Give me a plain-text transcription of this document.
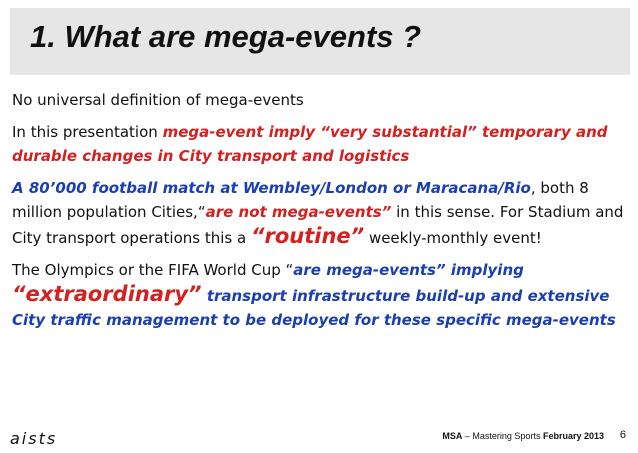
1. What are mega-events ?

No universal definition of mega-events

In this presentation mega-event imply “very substantial” temporary and durable changes in City transport and logistics

A 80’000 football match at Wembley/London or Maracana/Rio, both 8 million population Cities,“are not mega-events” in this sense. For Stadium and City transport operations this a “routine” weekly-monthly event!

The Olympics or the FIFA World Cup “are mega-events” implying “extraordinary” transport infrastructure build-up and extensive City traffic management to be deployed for these specific mega-events

aists	MSA – Mastering Sports February 2013 6
